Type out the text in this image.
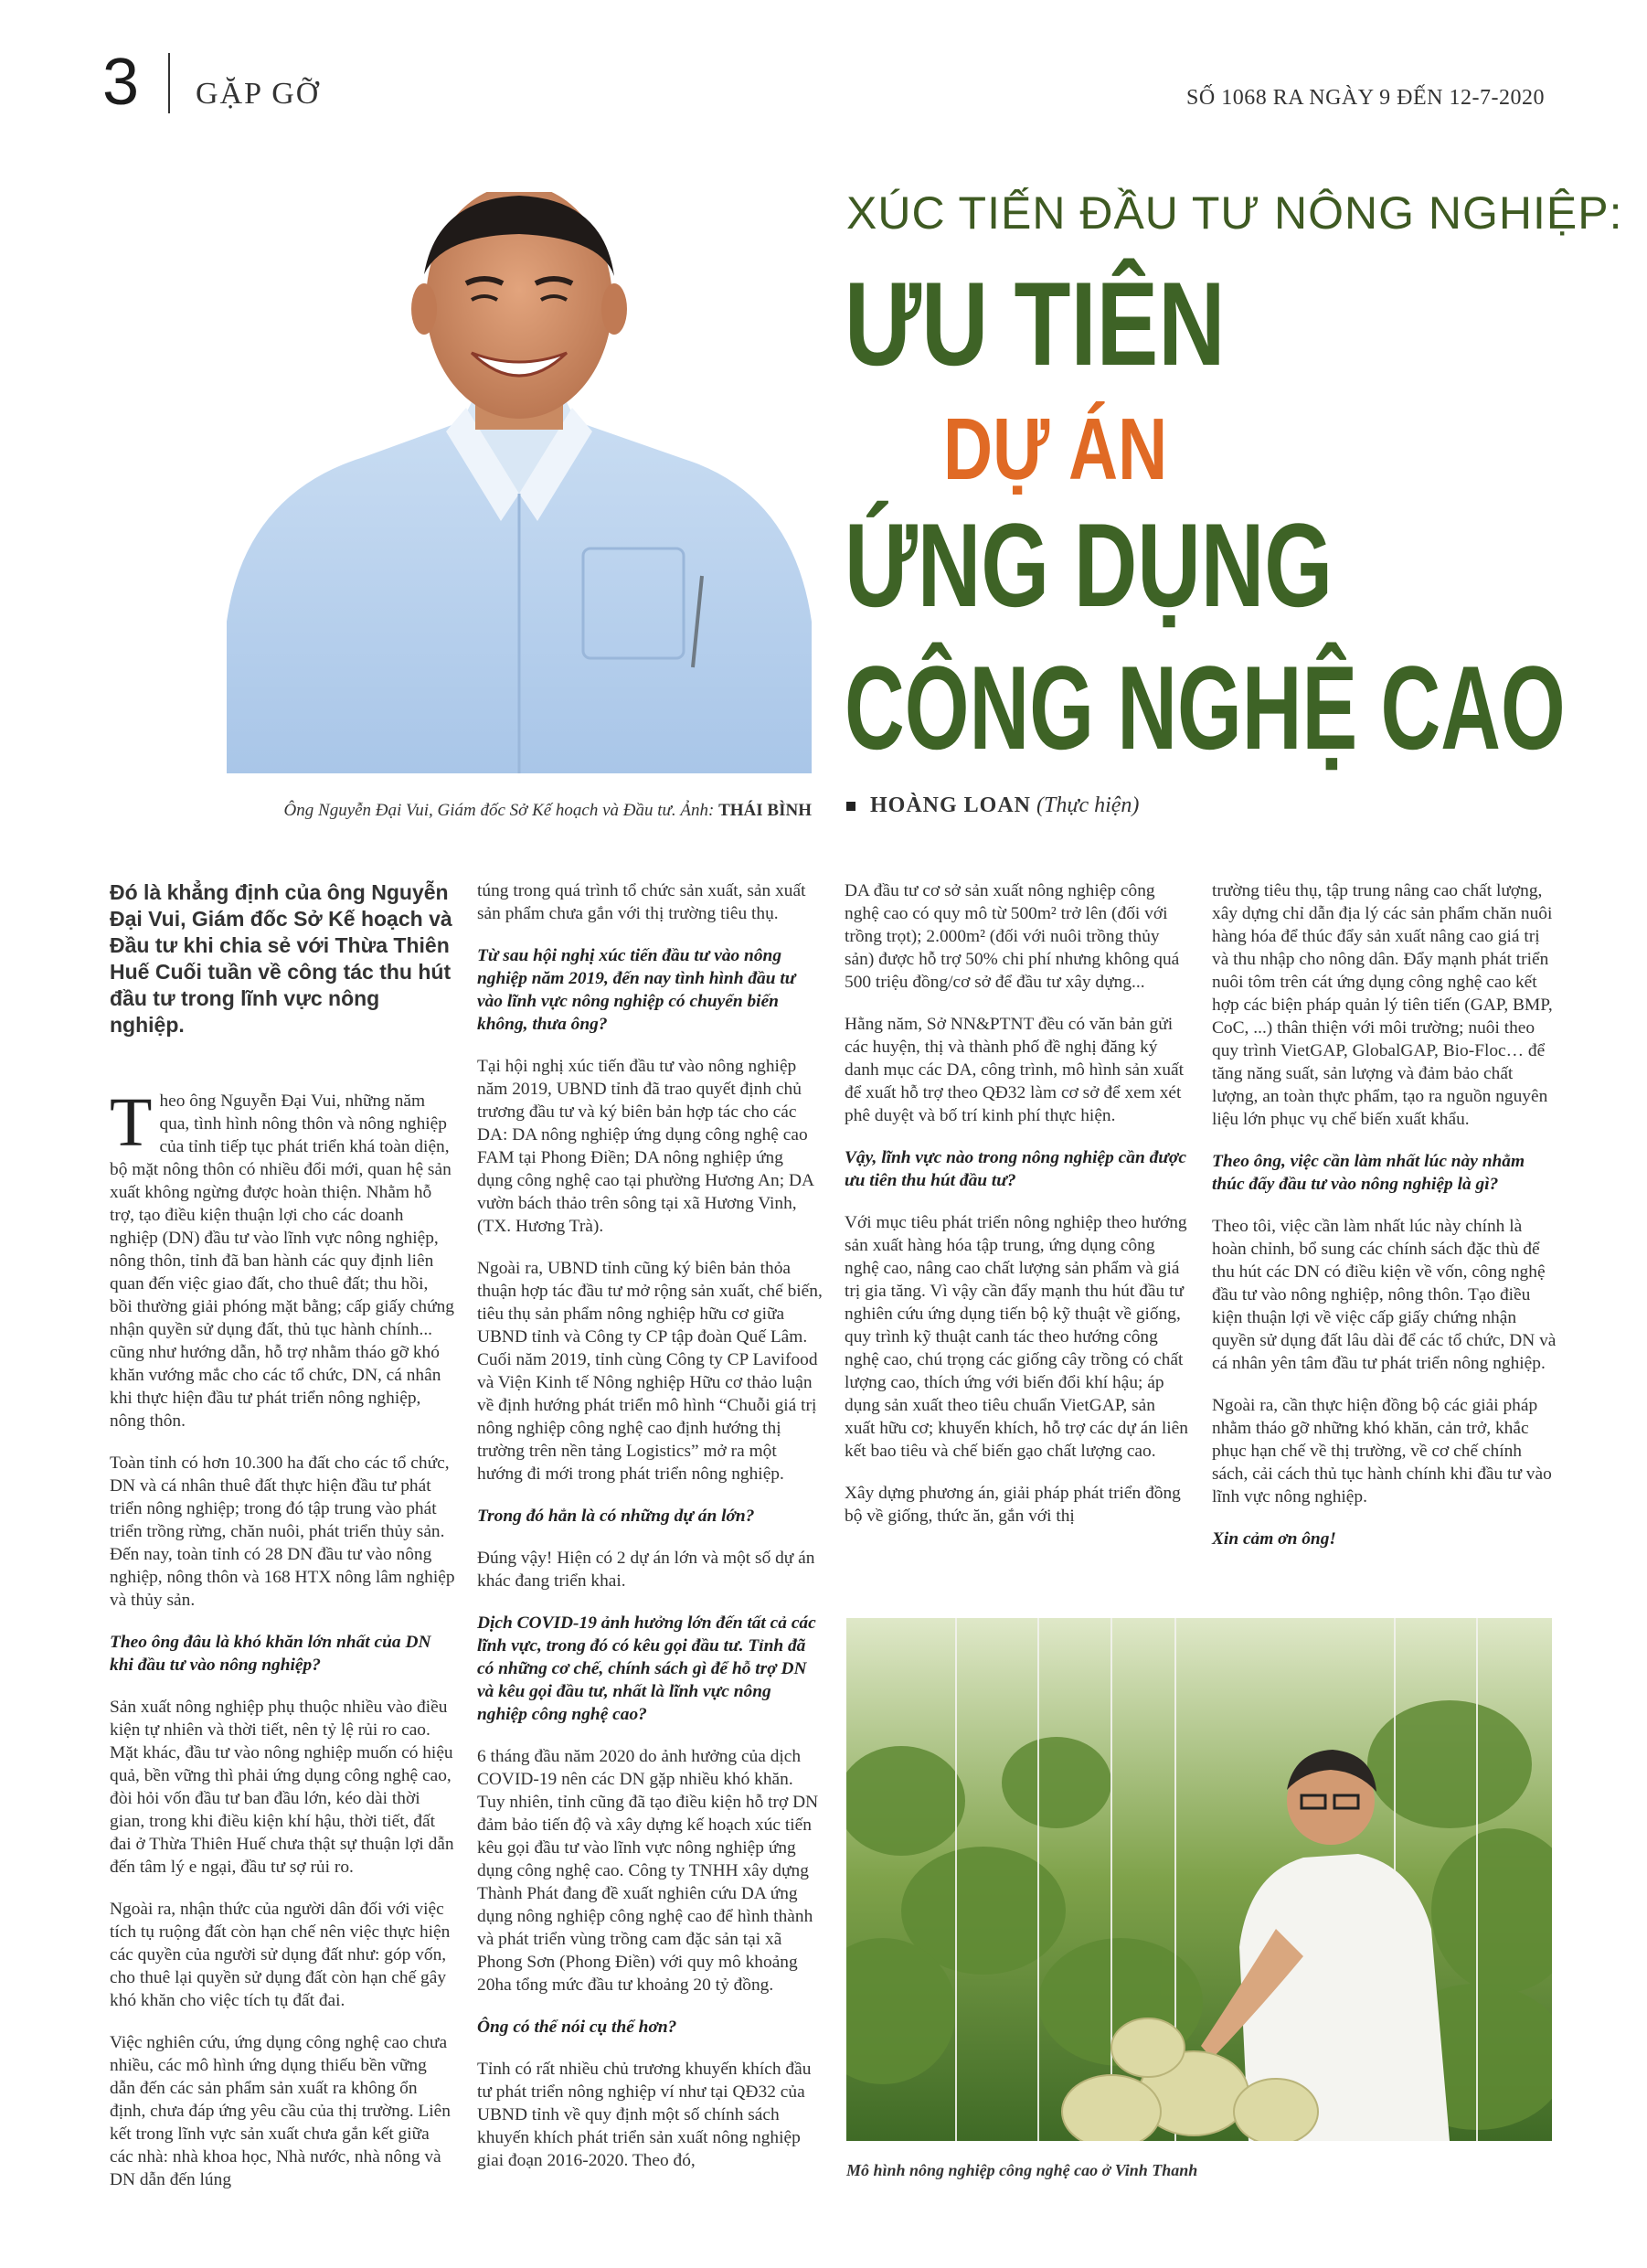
3 GẶP GỠ	SỐ 1068 RA NGÀY 9 ĐẾN 12-7-2020
XÚC TIẾN ĐẦU TƯ NÔNG NGHIỆP:
ƯU TIÊN
DỰ ÁN
ỨNG DỤNG
CÔNG NGHỆ CAO
Ông Nguyễn Đại Vui, Giám đốc Sở Kế hoạch và Đầu tư. Ảnh: THÁI BÌNH	HOÀNG LOAN (Thực hiện)

Đó là khẳng định của ông Nguyễn Đại Vui, Giám đốc Sở Kế hoạch và Đầu tư khi chia sẻ với Thừa Thiên Huế Cuối tuần về công tác thu hút đầu tư trong lĩnh vực nông nghiệp.

Theo ông Nguyễn Đại Vui, những năm qua, tình hình nông thôn và nông nghiệp của tỉnh tiếp tục phát triển khá toàn diện, bộ mặt nông thôn có nhiều đổi mới, quan hệ sản xuất không ngừng được hoàn thiện. Nhằm hỗ trợ, tạo điều kiện thuận lợi cho các doanh nghiệp (DN) đầu tư vào lĩnh vực nông nghiệp, nông thôn, tỉnh đã ban hành các quy định liên quan đến việc giao đất, cho thuê đất; thu hồi, bồi thường giải phóng mặt bằng; cấp giấy chứng nhận quyền sử dụng đất, thủ tục hành chính... cũng như hướng dẫn, hỗ trợ nhằm tháo gỡ khó khăn vướng mắc cho các tổ chức, DN, cá nhân khi thực hiện đầu tư phát triển nông nghiệp, nông thôn.

Toàn tỉnh có hơn 10.300 ha đất cho các tổ chức, DN và cá nhân thuê đất thực hiện đầu tư phát triển nông nghiệp; trong đó tập trung vào phát triển trồng rừng, chăn nuôi, phát triển thủy sản. Đến nay, toàn tỉnh có 28 DN đầu tư vào nông nghiệp, nông thôn và 168 HTX nông lâm nghiệp và thủy sản.

Theo ông đâu là khó khăn lớn nhất của DN khi đầu tư vào nông nghiệp?

Sản xuất nông nghiệp phụ thuộc nhiều vào điều kiện tự nhiên và thời tiết, nên tỷ lệ rủi ro cao. Mặt khác, đầu tư vào nông nghiệp muốn có hiệu quả, bền vững thì phải ứng dụng công nghệ cao, đòi hỏi vốn đầu tư ban đầu lớn, kéo dài thời gian, trong khi điều kiện khí hậu, thời tiết, đất đai ở Thừa Thiên Huế chưa thật sự thuận lợi dẫn đến tâm lý e ngại, đầu tư sợ rủi ro.

Ngoài ra, nhận thức của người dân đối với việc tích tụ ruộng đất còn hạn chế nên việc thực hiện các quyền của người sử dụng đất như: góp vốn, cho thuê lại quyền sử dụng đất còn hạn chế gây khó khăn cho việc tích tụ đất đai.

Việc nghiên cứu, ứng dụng công nghệ cao chưa nhiều, các mô hình ứng dụng thiếu bền vững dẫn đến các sản phẩm sản xuất ra không ổn định, chưa đáp ứng yêu cầu của thị trường. Liên kết trong lĩnh vực sản xuất chưa gắn kết giữa các nhà: nhà khoa học, Nhà nước, nhà nông và DN dẫn đến lúng

túng trong quá trình tổ chức sản xuất, sản xuất sản phẩm chưa gắn với thị trường tiêu thụ.

Từ sau hội nghị xúc tiến đầu tư vào nông nghiệp năm 2019, đến nay tình hình đầu tư vào lĩnh vực nông nghiệp có chuyển biến không, thưa ông?

Tại hội nghị xúc tiến đầu tư vào nông nghiệp năm 2019, UBND tỉnh đã trao quyết định chủ trương đầu tư và ký biên bản hợp tác cho các DA: DA nông nghiệp ứng dụng công nghệ cao FAM tại Phong Điền; DA nông nghiệp ứng dụng công nghệ cao tại phường Hương An; DA vườn bách thảo trên sông tại xã Hương Vinh, (TX. Hương Trà).

Ngoài ra, UBND tỉnh cũng ký biên bản thỏa thuận hợp tác đầu tư mở rộng sản xuất, chế biến, tiêu thụ sản phẩm nông nghiệp hữu cơ giữa UBND tỉnh và Công ty CP tập đoàn Quế Lâm. Cuối năm 2019, tỉnh cùng Công ty CP Lavifood và Viện Kinh tế Nông nghiệp Hữu cơ thảo luận về định hướng phát triển mô hình “Chuỗi giá trị nông nghiệp công nghệ cao định hướng thị trường trên nền tảng Logistics” mở ra một hướng đi mới trong phát triển nông nghiệp.

Trong đó hẳn là có những dự án lớn?

Đúng vậy! Hiện có 2 dự án lớn và một số dự án khác đang triển khai.

Dịch COVID-19 ảnh hưởng lớn đến tất cả các lĩnh vực, trong đó có kêu gọi đầu tư. Tỉnh đã có những cơ chế, chính sách gì để hỗ trợ DN và kêu gọi đầu tư, nhất là lĩnh vực nông nghiệp công nghệ cao?

6 tháng đầu năm 2020 do ảnh hưởng của dịch COVID-19 nên các DN gặp nhiều khó khăn. Tuy nhiên, tỉnh cũng đã tạo điều kiện hỗ trợ DN đảm bảo tiến độ và xây dựng kế hoạch xúc tiến kêu gọi đầu tư vào lĩnh vực nông nghiệp ứng dụng công nghệ cao. Công ty TNHH xây dựng Thành Phát đang đề xuất nghiên cứu DA ứng dụng nông nghiệp công nghệ cao để hình thành và phát triển vùng trồng cam đặc sản tại xã Phong Sơn (Phong Điền) với quy mô khoảng 20ha tổng mức đầu tư khoảng 20 tỷ đồng.

Ông có thể nói cụ thể hơn?

Tỉnh có rất nhiều chủ trương khuyến khích đầu tư phát triển nông nghiệp ví như tại QĐ32 của UBND tỉnh về quy định một số chính sách khuyến khích phát triển sản xuất nông nghiệp giai đoạn 2016-2020. Theo đó,

DA đầu tư cơ sở sản xuất nông nghiệp công nghệ cao có quy mô từ 500m² trở lên (đối với trồng trọt); 2.000m² (đối với nuôi trồng thủy sản) được hỗ trợ 50% chi phí nhưng không quá 500 triệu đồng/cơ sở để đầu tư xây dựng...

Hằng năm, Sở NN&PTNT đều có văn bản gửi các huyện, thị và thành phố đề nghị đăng ký danh mục các DA, công trình, mô hình sản xuất để xuất hỗ trợ theo QĐ32 làm cơ sở để xem xét phê duyệt và bố trí kinh phí thực hiện.

Vậy, lĩnh vực nào trong nông nghiệp cần được ưu tiên thu hút đầu tư?

Với mục tiêu phát triển nông nghiệp theo hướng sản xuất hàng hóa tập trung, ứng dụng công nghệ cao, nâng cao chất lượng sản phẩm và giá trị gia tăng. Vì vậy cần đẩy mạnh thu hút đầu tư nghiên cứu ứng dụng tiến bộ kỹ thuật về giống, quy trình kỹ thuật canh tác theo hướng công nghệ cao, chú trọng các giống cây trồng có chất lượng cao, thích ứng với biến đổi khí hậu; áp dụng sản xuất theo tiêu chuẩn VietGAP, sản xuất hữu cơ; khuyến khích, hỗ trợ các dự án liên kết bao tiêu và chế biến gạo chất lượng cao.

Xây dựng phương án, giải pháp phát triển đồng bộ về giống, thức ăn, gắn với thị

trường tiêu thụ, tập trung nâng cao chất lượng, xây dựng chỉ dẫn địa lý các sản phẩm chăn nuôi hàng hóa để thúc đẩy sản xuất nâng cao giá trị và thu nhập cho nông dân. Đẩy mạnh phát triển nuôi tôm trên cát ứng dụng công nghệ cao kết hợp các biện pháp quản lý tiên tiến (GAP, BMP, CoC, ...) thân thiện với môi trường; nuôi theo quy trình VietGAP, GlobalGAP, Bio-Floc… để tăng năng suất, sản lượng và đảm bảo chất lượng, an toàn thực phẩm, tạo ra nguồn nguyên liệu lớn phục vụ chế biến xuất khẩu.

Theo ông, việc cần làm nhất lúc này nhằm thúc đẩy đầu tư vào nông nghiệp là gì?

Theo tôi, việc cần làm nhất lúc này chính là hoàn chỉnh, bổ sung các chính sách đặc thù để thu hút các DN có điều kiện về vốn, công nghệ đầu tư vào nông nghiệp, nông thôn. Tạo điều kiện thuận lợi về việc cấp giấy chứng nhận quyền sử dụng đất lâu dài để các tổ chức, DN và cá nhân yên tâm đầu tư phát triển nông nghiệp.

Ngoài ra, cần thực hiện đồng bộ các giải pháp nhằm tháo gỡ những khó khăn, cản trở, khắc phục hạn chế về thị trường, về cơ chế chính sách, cải cách thủ tục hành chính khi đầu tư vào lĩnh vực nông nghiệp.

Xin cảm ơn ông!

Mô hình nông nghiệp công nghệ cao ở Vinh Thanh
